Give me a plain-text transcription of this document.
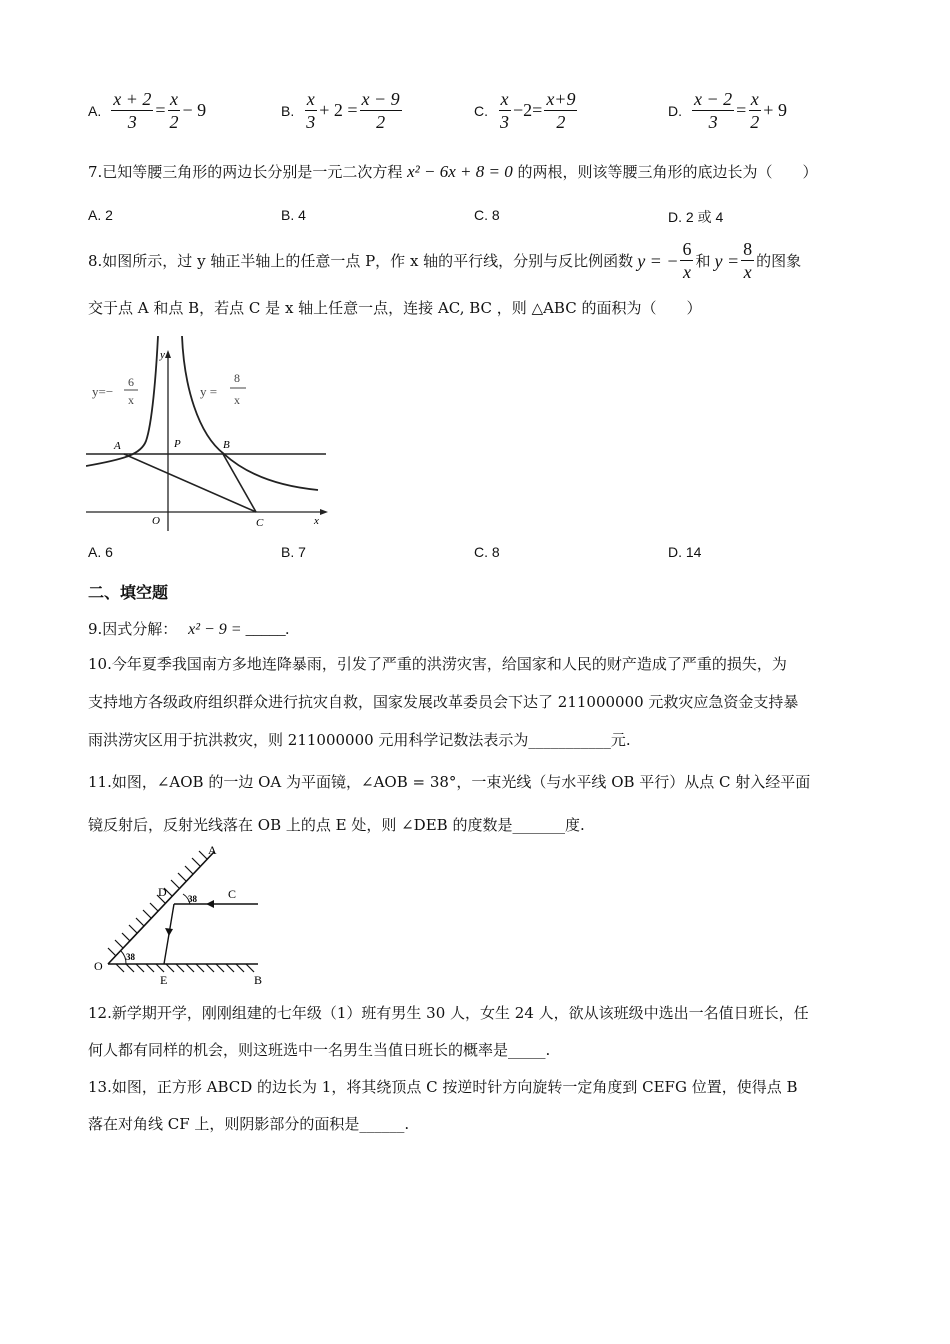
A. $\frac{x + 2}{3} = \frac{x}{2} - 9$	B. $\frac{x}{3} + 2 = \frac{x - 9}{2}$	C. $\frac{x}{3} -2= \frac{x+9}{2}$	D. $\frac{x - 2}{3} = \frac{x}{2} + 9$
7.已知等腰三角形的两边长分别是一元二次方程 x² − 6x + 8 = 0 的两根，则该等腰三角形的底边长为（　　）
A. 2	B. 4	C. 8	D. 2 或 4
8.如图所示，过 y 轴正半轴上的任意一点 P，作 x 轴的平行线，分别与反比例函数 y = − $\frac{6}{x}$ 和 $y = \frac{8}{x}$ 的图象
交于点 A 和点 B，若点 C 是 x 轴上任意一点，连接 AC, BC ，则 △ABC 的面积为（　　）
y=−
6
x
y =
8
x
y
x
A	P	B
O	C
A. 6	B. 7	C. 8	D. 14
二、填空题
9.因式分解： x² − 9 = _____.
10.今年夏季我国南方多地连降暴雨，引发了严重的洪涝灾害，给国家和人民的财产造成了严重的损失，为
支持地方各级政府组织群众进行抗灾自救，国家发展改革委员会下达了 211000000 元救灾应急资金支持暴
雨洪涝灾区用于抗洪救灾，则 211000000 元用科学记数法表示为___________元.
11.如图，∠AOB 的一边 OA 为平面镜，∠AOB = 38°，一束光线（与水平线 OB 平行）从点 C 射入经平面
镜反射后，反射光线落在 OB 上的点 E 处，则 ∠DEB 的度数是_______度.
A
C
D
O
E	B
38
38
12.新学期开学，刚刚组建的七年级（1）班有男生 30 人，女生 24 人，欲从该班级中选出一名值日班长，任
何人都有同样的机会，则这班选中一名男生当值日班长的概率是_____.
13.如图，正方形 ABCD 的边长为 1，将其绕顶点 C 按逆时针方向旋转一定角度到 CEFG 位置，使得点 B
落在对角线 CF 上，则阴影部分的面积是______.
